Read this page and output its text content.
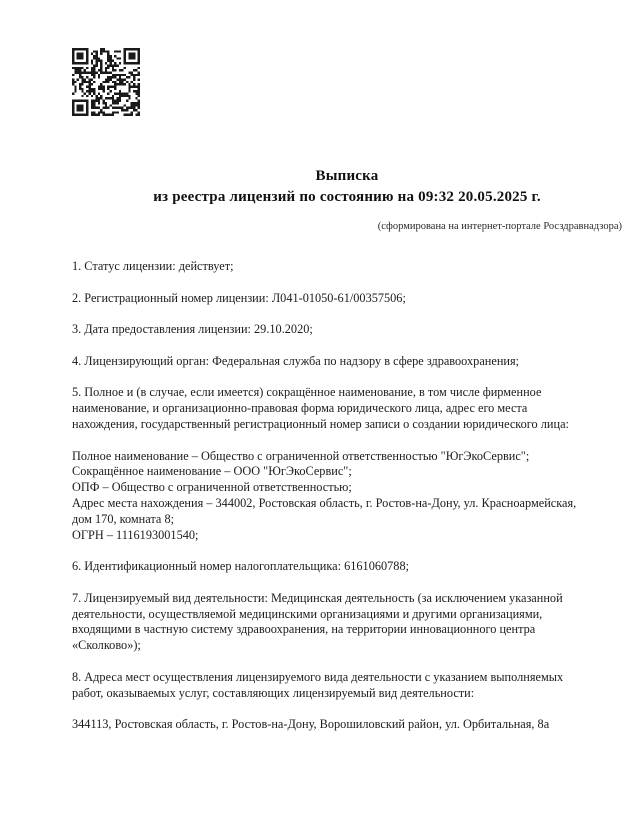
Выписка
из реестра лицензий по состоянию на 09:32 20.05.2025 г.
(сформирована на интернет-портале Росздравнадзора)
1. Статус лицензии: действует;
2. Регистрационный номер лицензии: Л041-01050-61/00357506;
3. Дата предоставления лицензии: 29.10.2020;
4. Лицензирующий орган: Федеральная служба по надзору в сфере здравоохранения;
5. Полное и (в случае, если имеется) сокращённое наименование, в том числе фирменное
наименование, и организационно-правовая форма юридического лица, адрес его места
нахождения, государственный регистрационный номер записи о создании юридического лица:
Полное наименование – Общество с ограниченной ответственностью "ЮгЭкоСервис";
Сокращённое наименование – ООО "ЮгЭкоСервис";
ОПФ – Общество с ограниченной ответственностью;
Адрес места нахождения – 344002, Ростовская область, г. Ростов-на-Дону, ул. Красноармейская,
дом 170, комната 8;
ОГРН – 1116193001540;
6. Идентификационный номер налогоплательщика: 6161060788;
7. Лицензируемый вид деятельности: Медицинская деятельность (за исключением указанной
деятельности, осуществляемой медицинскими организациями и другими организациями,
входящими в частную систему здравоохранения, на территории инновационного центра
«Сколково»);
8. Адреса мест осуществления лицензируемого вида деятельности с указанием выполняемых
работ, оказываемых услуг, составляющих лицензируемый вид деятельности:
344113, Ростовская область, г. Ростов-на-Дону, Ворошиловский район, ул. Орбитальная, 8а
